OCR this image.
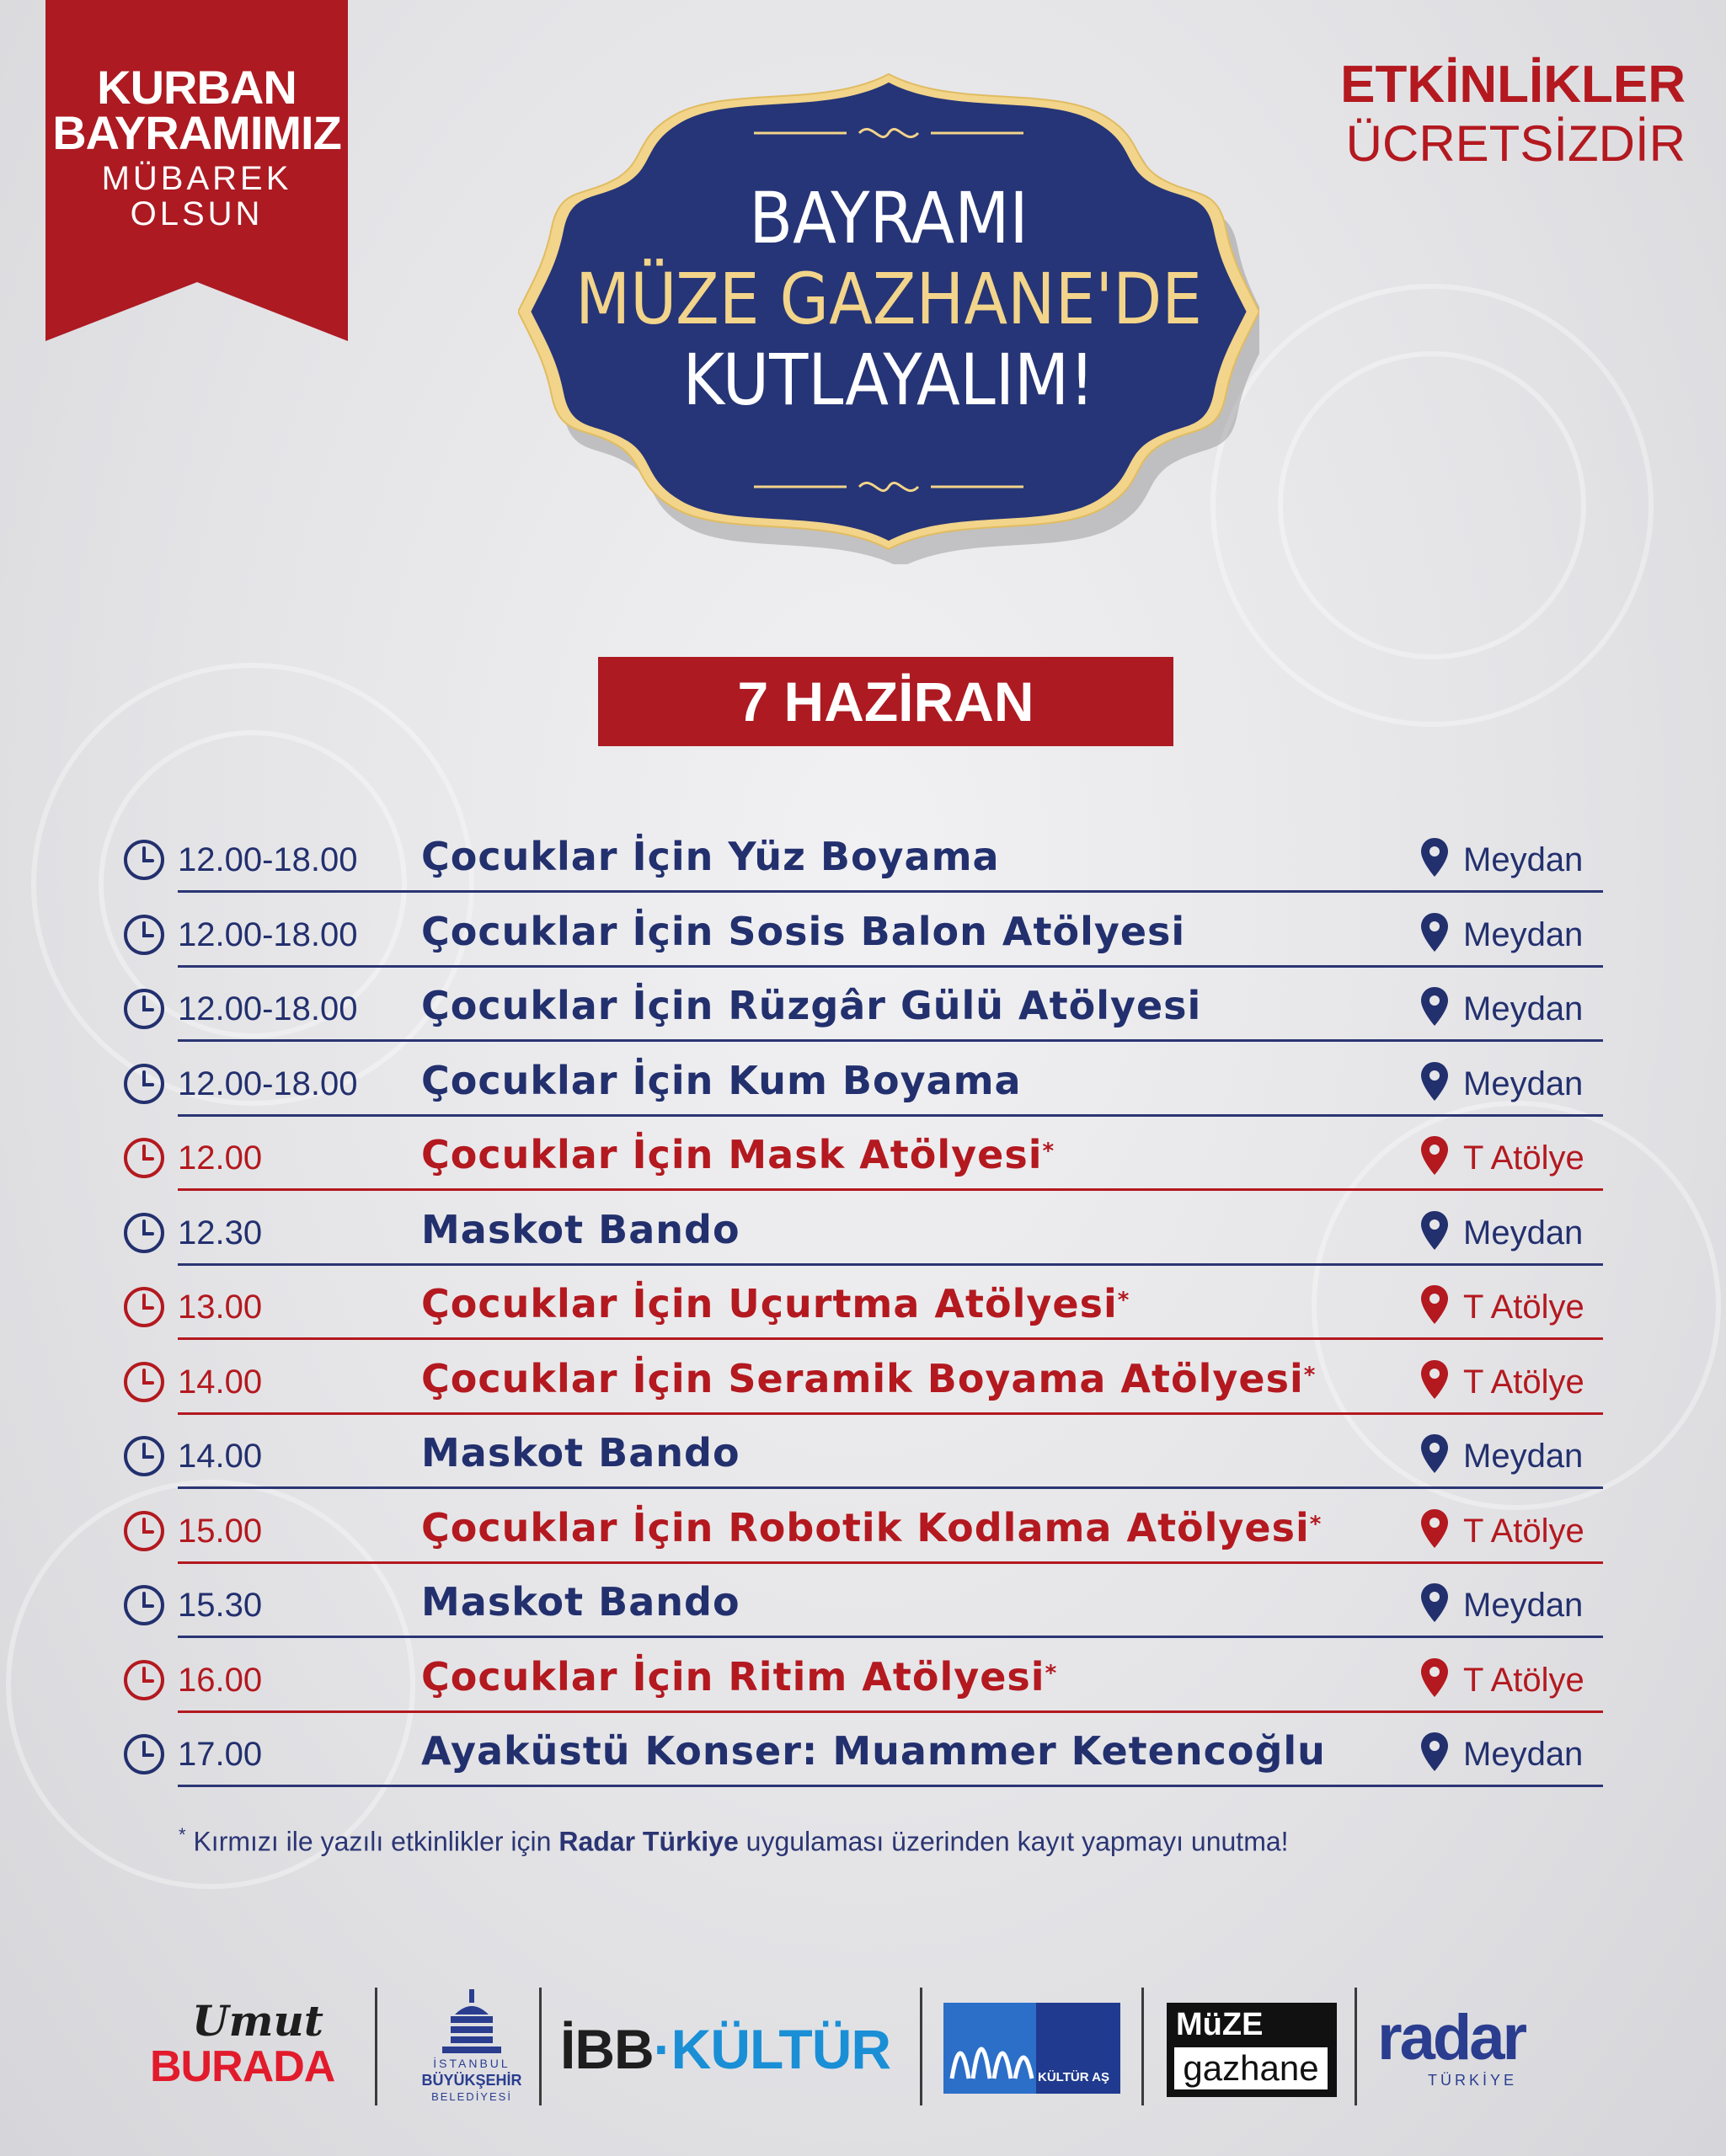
KURBAN
BAYRAMIMIZ
MÜBAREK
OLSUN
ETKİNLİKLER
ÜCRETSİZDİR
BAYRAMI
MÜZE GAZHANE'DE
KUTLAYALIM!
7 HAZİRAN
12.00-18.00 Çocuklar İçin Yüz Boyama	Meydan
12.00-18.00 Çocuklar İçin Sosis Balon Atölyesi	Meydan
12.00-18.00 Çocuklar İçin Rüzgâr Gülü Atölyesi	Meydan
12.00-18.00 Çocuklar İçin Kum Boyama	Meydan
12.00	Çocuklar İçin Mask Atölyesi*	T Atölye
12.30	Maskot Bando	Meydan
13.00	Çocuklar İçin Uçurtma Atölyesi*	T Atölye
14.00	Çocuklar İçin Seramik Boyama Atölyesi*	T Atölye
14.00	Maskot Bando	Meydan
15.00	Çocuklar İçin Robotik Kodlama Atölyesi*	T Atölye
15.30	Maskot Bando	Meydan
16.00	Çocuklar İçin Ritim Atölyesi*	T Atölye
17.00	Ayaküstü Konser: Muammer Ketencoğlu	Meydan
* Kırmızı ile yazılı etkinlikler için Radar Türkiye uygulaması üzerinden kayıt yapmayı unutma!
Umut
BURADA	İSTANBUL
BÜYÜKŞEHİR
BELEDİYESİ
İBB·KÜLTÜR	KÜLTÜR AŞ
MüZE
gazhane radar
TÜRKİYE
